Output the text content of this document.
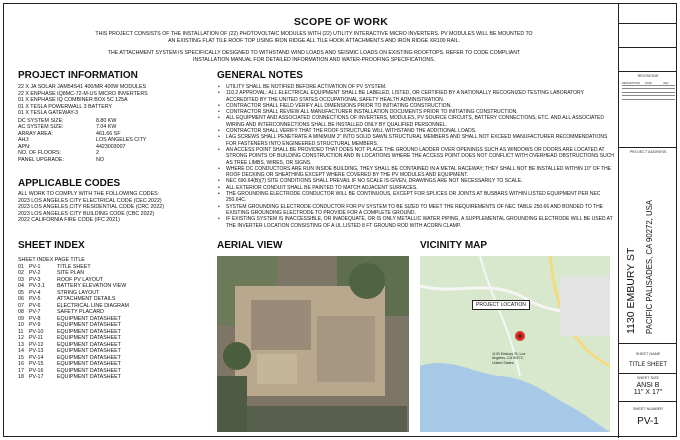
SCOPE OF WORK

THIS PROJECT CONSISTS OF THE INSTALLATION OF (22) PHOTOVOLTAIC MODULES WITH (22) UTILITY INTERACTIVE MICRO INVERTERS. PV MODULES WILL BE MOUNTED TO AN EXISTING FLAT TILE ROOF TOP USING IRON RIDGE ALL TILE HOOK ATTACHMENTS AND IRON RIDGE XR100 RAIL.

THE ATTACHMENT SYSTEM IS SPECIFICALLY DESIGNED TO WITHSTAND WIND LOADS AND SEISMIC LOADS ON EXISTING ROOFTOPS. REFER TO CODE COMPLIANT INSTALLATION MANUAL FOR DETAILED INFORMATION AND WATER-PROOFING SPECIFICATIONS.

PROJECT INFORMATION
22 X JA SOLAR JAM54S41 400/MR 400W MODULES
22 X ENPHASE IQ8MC-72-M-US MICRO INVERTERS
01 X ENPHASE IQ COMBINER BOX 5C 125A
01 X TESLA POWERWALL 3 BATTERY
01 X TESLA GATEWAY-3
DC SYSTEM SIZE:	8.80 KW
AC SYSTEM SIZE:	7.04 KW
ARRAY AREA:	461.66 SF
AHJ:	LOS ANGELES CITY
APN:	4423003007
NO. OF FLOORS:	2
PANEL UPGRADE:	NO
APPLICABLE CODES
ALL WORK TO COMPLY WITH THE FOLLOWING CODES:
2023 LOS ANGELES CITY ELECTRICAL CODE (CEC 2022)
2023 LOS ANGELES CITY RESIDENTIAL CODE (CRC 2022)
2023 LOS ANGELES CITY BUILDING CODE (CBC 2022)
2022 CALIFORNIA FIRE CODE (IFC 2021)
GENERAL NOTES
• UTILITY SHALL BE NOTIFIED BEFORE ACTIVATION OF PV SYSTEM.
• 110.2 APPROVAL: ALL ELECTRICAL EQUIPMENT SHALL BE LABELED, LISTED, OR CERTIFIED BY A NATIONALLY RECOGNIZED TESTING LABORATORY ACCREDITED BY THE UNITED STATES OCCUPATIONAL SAFETY HEALTH ADMINISTRATION.
• CONTRACTOR SHALL FIELD VERIFY ALL DIMENSIONS PRIOR TO INITIATING CONSTRUCTION.
• CONTRACTOR SHALL REVIEW ALL MANUFACTURER INSTALLATION DOCUMENTS PRIOR TO INITIATING CONSTRUCTION.
• ALL EQUIPMENT AND ASSOCIATED CONNECTIONS OF INVERTERS, MODULES, PV SOURCE CIRCUITS, BATTERY CONNECTIONS, ETC. AND ALL ASSOCIATED WIRING AND INTERCONNECTIONS SHALL BE INSTALLED ONLY BY QUALIFIED PERSONNEL.
• CONTRACTOR SHALL VERIFY THAT THE ROOF STRUCTURE WILL WITHSTAND THE ADDITIONAL LOADS.
• LAG SCREWS SHALL PENETRATE A MINIMUM 2" INTO SOLID SAWN STRUCTURAL MEMBERS AND SHALL NOT EXCEED MANUFACTURER RECOMMENDATIONS FOR FASTENERS INTO ENGINEERED STRUCTURAL MEMBERS.
• AN ACCESS POINT SHALL BE PROVIDED THAT DOES NOT PLACE THE GROUND LADDER OVER OPENINGS SUCH AS WINDOWS OR DOORS ARE LOCATED AT STRONG POINTS OF BUILDING CONSTRUCTION AND IN LOCATIONS WHERE THE ACCESS POINT DOES NOT CONFLICT WITH OVERHEAD OBSTRUCTIONS SUCH AS TREE LIMBS, WIRES, OR SIGNS.
• WHERE DC CONDUCTORS ARE RUN INSIDE BUILDING, THEY SHALL BE CONTAINED IN A METAL RACEWAY; THEY SHALL NOT BE INSTALLED WITHIN 10" OF THE ROOF DECKING OR SHEATHING EXCEPT WHERE COVERED BY THE PV MODULES AND EQUIPMENT.
• NEC 690.64(B)(7) SITE CONDITIONS SHALL PREVAIL IF NO SCALE IS GIVEN, DRAWINGS ARE NOT NECESSARILY TO SCALE.
• ALL EXTERIOR CONDUIT SHALL BE PAINTED TO MATCH ADJACENT SURFACES.
• THE GROUNDING ELECTRODE CONDUCTOR WILL BE CONTINUOUS, EXCEPT FOR SPLICES OR JOINTS AT BUSBARS WITHIN LISTED EQUIPMENT PER NEC 250.64C.
• SYSTEM GROUNDING ELECTRODE CONDUCTOR FOR PV SYSTEM TO BE SIZED TO MEET THE REQUIREMENTS OF NEC TABLE 250.66 AND BONDED TO THE EXISTING GROUNDING ELECTRODE TO PROVIDE FOR A COMPLETE GROUND.
• IF EXISTING SYSTEM IS INACCESSIBLE, OR INADEQUATE, OR IS ONLY METALLIC WATER PIPING, A SUPPLEMENTAL GROUNDING ELECTRODE WILL BE USED AT THE INVERTER LOCATION CONSISTING OF A UL LISTED 8 FT GROUND ROD WITH ACORN CLAMP.
SHEET INDEX
SHEET INDEX PAGE TITLE
01 PV-1	TITLE SHEET
02 PV-2	SITE PLAN
03 PV-3	ROOF PV LAYOUT
04 PV-3.1	BATTERY ELEVATION VIEW
05 PV-4	STRING LAYOUT
06 PV-5	ATTACHMENT DETAILS
07 PV-6	ELECTRICAL LINE DIAGRAM
08 PV-7	SAFETY PLACARD
09 PV-8	EQUIPMENT DATASHEET
10 PV-9	EQUIPMENT DATASHEET
11	PV-10	EQUIPMENT DATASHEET
12 PV-11	EQUIPMENT DATASHEET
13 PV-12	EQUIPMENT DATASHEET
14 PV-13	EQUIPMENT DATASHEET
15 PV-14	EQUIPMENT DATASHEET
16 PV-15	EQUIPMENT DATASHEET
17 PV-16	EQUIPMENT DATASHEET
18 PV-17	EQUIPMENT DATASHEET
AERIAL VIEW	VICINITY MAP
PROJECT LOCATION
1130 Embury St, Los
Angeles, CA 90272,
United States
REVISIONS
DESCRIPTION	DATE	REV
PROJECT ADDRESS
1130 EMBURY ST PACIFIC PALISADES, CA 90272, USA
SHEET NAME
TITLE SHEET
SHEET SIZE
ANSI B
11" X 17"
SHEET NUMBER
PV-1
